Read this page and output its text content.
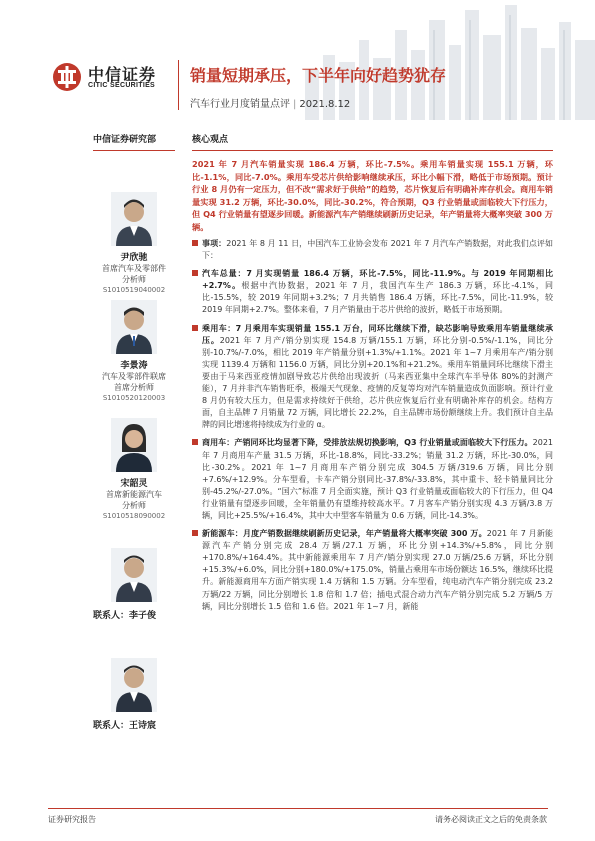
中信证券
CITIC SECURITIES
销量短期承压，下半年向好趋势犹存
汽车行业月度销量点评 | 2021.8.12
中信证券研究部
尹欣驰
首席汽车及零部件
分析师
S1010519040002
李景涛
汽车及零部件联席
首席分析师
S1010520120003
宋韶灵
首席新能源汽车
分析师
S1010518090002
联系人：李子俊
联系人：王诗宸
核心观点
2021 年 7 月汽车销量实现 186.4 万辆，环比-7.5%。乘用车销量实现 155.1 万辆，环比-1.1%，同比-7.0%。乘用车受芯片供给影响继续承压，环比小幅下滑，略低于市场预期。预计行业 8 月仍有一定压力，但不改“需求好于供给”的趋势，芯片恢复后有明确补库存机会。商用车销量实现 31.2 万辆，环比-30.0%，同比-30.2%，符合预期，Q3 行业销量或面临较大下行压力，但 Q4 行业销量有望逐步回暖。新能源汽车产销继续刷新历史记录，年产销量将大概率突破 300 万辆。
事项：2021 年 8 月 11 日，中国汽车工业协会发布 2021 年 7 月汽车产销数据，对此我们点评如下：
汽车总量：7 月实现销量 186.4 万辆，环比-7.5%，同比-11.9%。与 2019 年同期相比+2.7%。根据中汽协数据，2021 年 7 月，我国汽车生产 186.3 万辆，环比-4.1%，同比-15.5%，较 2019 年同期+3.2%；7 月共销售 186.4 万辆，环比-7.5%，同比-11.9%，较 2019 年同期+2.7%。整体来看，7 月产销量由于芯片供给的波折，略低于市场预期。
乘用车：7 月乘用车实现销量 155.1 万台，同环比继续下滑，缺芯影响导致乘用车销量继续承压。2021 年 7 月产/销分别实现 154.8 万辆/155.1 万辆，环比分别-0.5%/-1.1%，同比分别-10.7%/-7.0%，相比 2019 年产销量分别+1.3%/+1.1%。2021 年 1~7 月乘用车产/销分别实现 1139.4 万辆和 1156.0 万辆，同比分别+20.1%和+21.2%。乘用车销量同环比继续下滑主要由于马来西亚疫情加剧导致芯片供给出现波折（马来西亚集中全球汽车半导体 80%的封测产能），7 月并非汽车销售旺季，极端天气现象、疫情的反复等均对汽车销量造成负面影响。预计行业 8 月仍有较大压力，但是需求持续好于供给，芯片供应恢复后行业有明确补库存的机会。结构方面，自主品牌 7 月销量 72 万辆，同比增长 22.2%，自主品牌市场份额继续上升。我们预计自主品牌的同比增速将持续成为行业的 α。
商用车：产销同环比均显著下降，受排放法规切换影响，Q3 行业销量或面临较大下行压力。2021 年 7 月商用车产量 31.5 万辆，环比-18.8%，同比-33.2%；销量 31.2 万辆，环比-30.0%，同比-30.2%。2021 年 1~7 月商用车产销分别完成 304.5 万辆/319.6 万辆，同比分别+7.6%/+12.9%。分车型看，卡车产销分别同比-37.8%/-33.8%，其中重卡、轻卡销量同比分别-45.2%/-27.0%。“国六”标准 7 月全面实施，预计 Q3 行业销量或面临较大的下行压力，但 Q4 行业销量有望逐步回暖，全年销量仍有望维持较高水平。7 月客车产销分别实现 4.3 万辆/3.8 万辆，同比+25.5%/+16.4%，其中大中型客车销量为 0.6 万辆，同比-14.3%。
新能源车：月度产销数据继续刷新历史记录，年产销量将大概率突破 300 万。2021 年 7 月新能源汽车产销分别完成 28.4 万辆/27.1 万辆，环比分别+14.3%/+5.8%，同比分别+170.8%/+164.4%。其中新能源乘用车 7 月产/销分别实现 27.0 万辆/25.6 万辆，环比分别+15.3%/+6.0%，同比分别+180.0%/+175.0%，销量占乘用车市场份额达 16.5%，继续环比提升。新能源商用车方面产销实现 1.4 万辆和 1.5 万辆。分车型看，纯电动汽车产销分别完成 23.2 万辆/22 万辆，同比分别增长 1.8 倍和 1.7 倍；插电式混合动力汽车产销分别完成 5.2 万辆/5 万辆，同比分别增长 1.5 倍和 1.6 倍。2021 年 1~7 月，新能
证券研究报告	请务必阅读正文之后的免责条款
